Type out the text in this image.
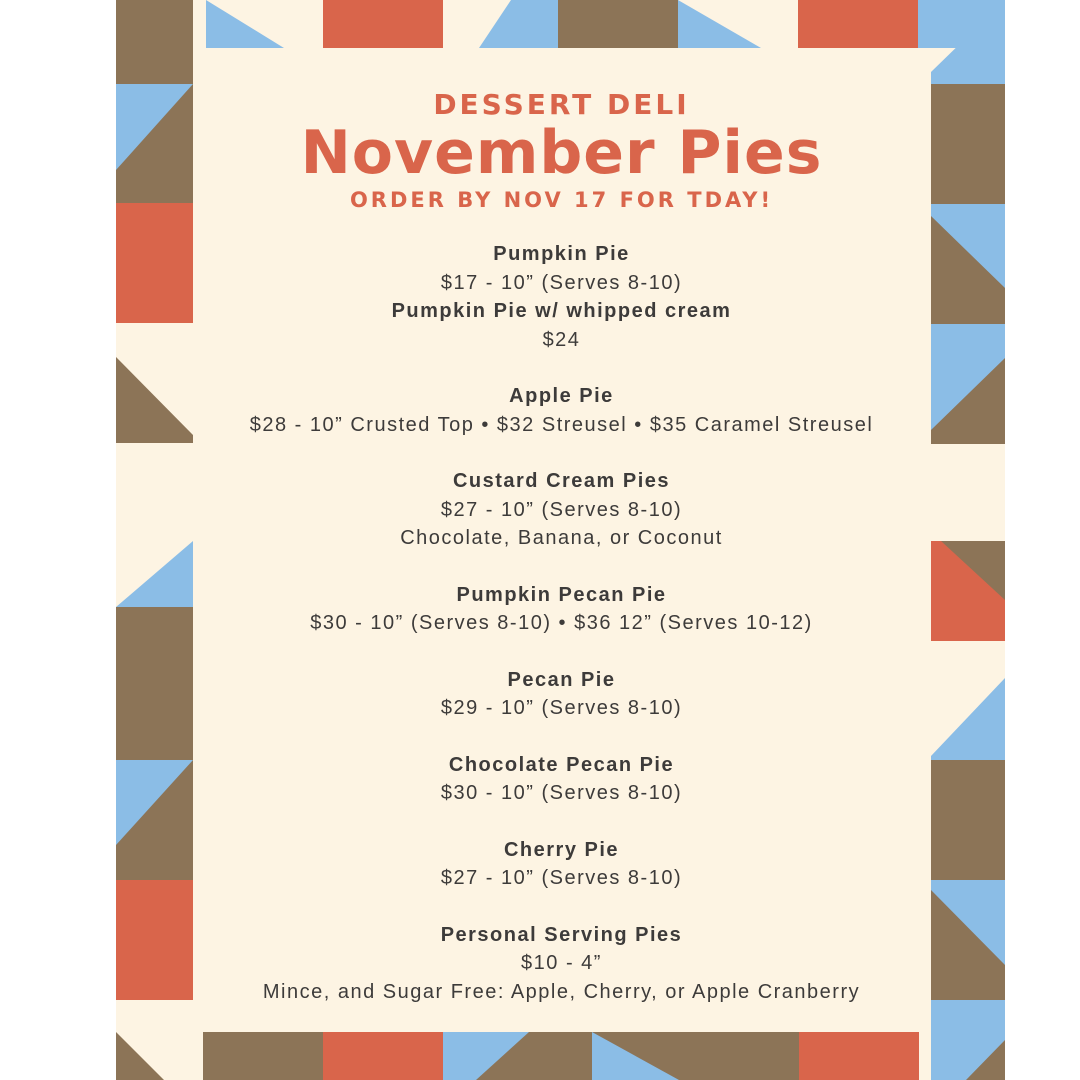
DESSERT DELI
November Pies
ORDER BY NOV 17 FOR TDAY!
Pumpkin Pie
$17 - 10” (Serves 8-10)
Pumpkin Pie w/ whipped cream
$24
Apple Pie
$28 - 10” Crusted Top • $32 Streusel • $35 Caramel Streusel
Custard Cream Pies
$27 - 10” (Serves 8-10)
Chocolate, Banana, or Coconut
Pumpkin Pecan Pie
$30 - 10” (Serves 8-10) • $36 12” (Serves 10-12)
Pecan Pie
$29 - 10” (Serves 8-10)
Chocolate Pecan Pie
$30 - 10” (Serves 8-10)
Cherry Pie
$27 - 10” (Serves 8-10)
Personal Serving Pies
$10 - 4”
Mince, and Sugar Free: Apple, Cherry, or Apple Cranberry
